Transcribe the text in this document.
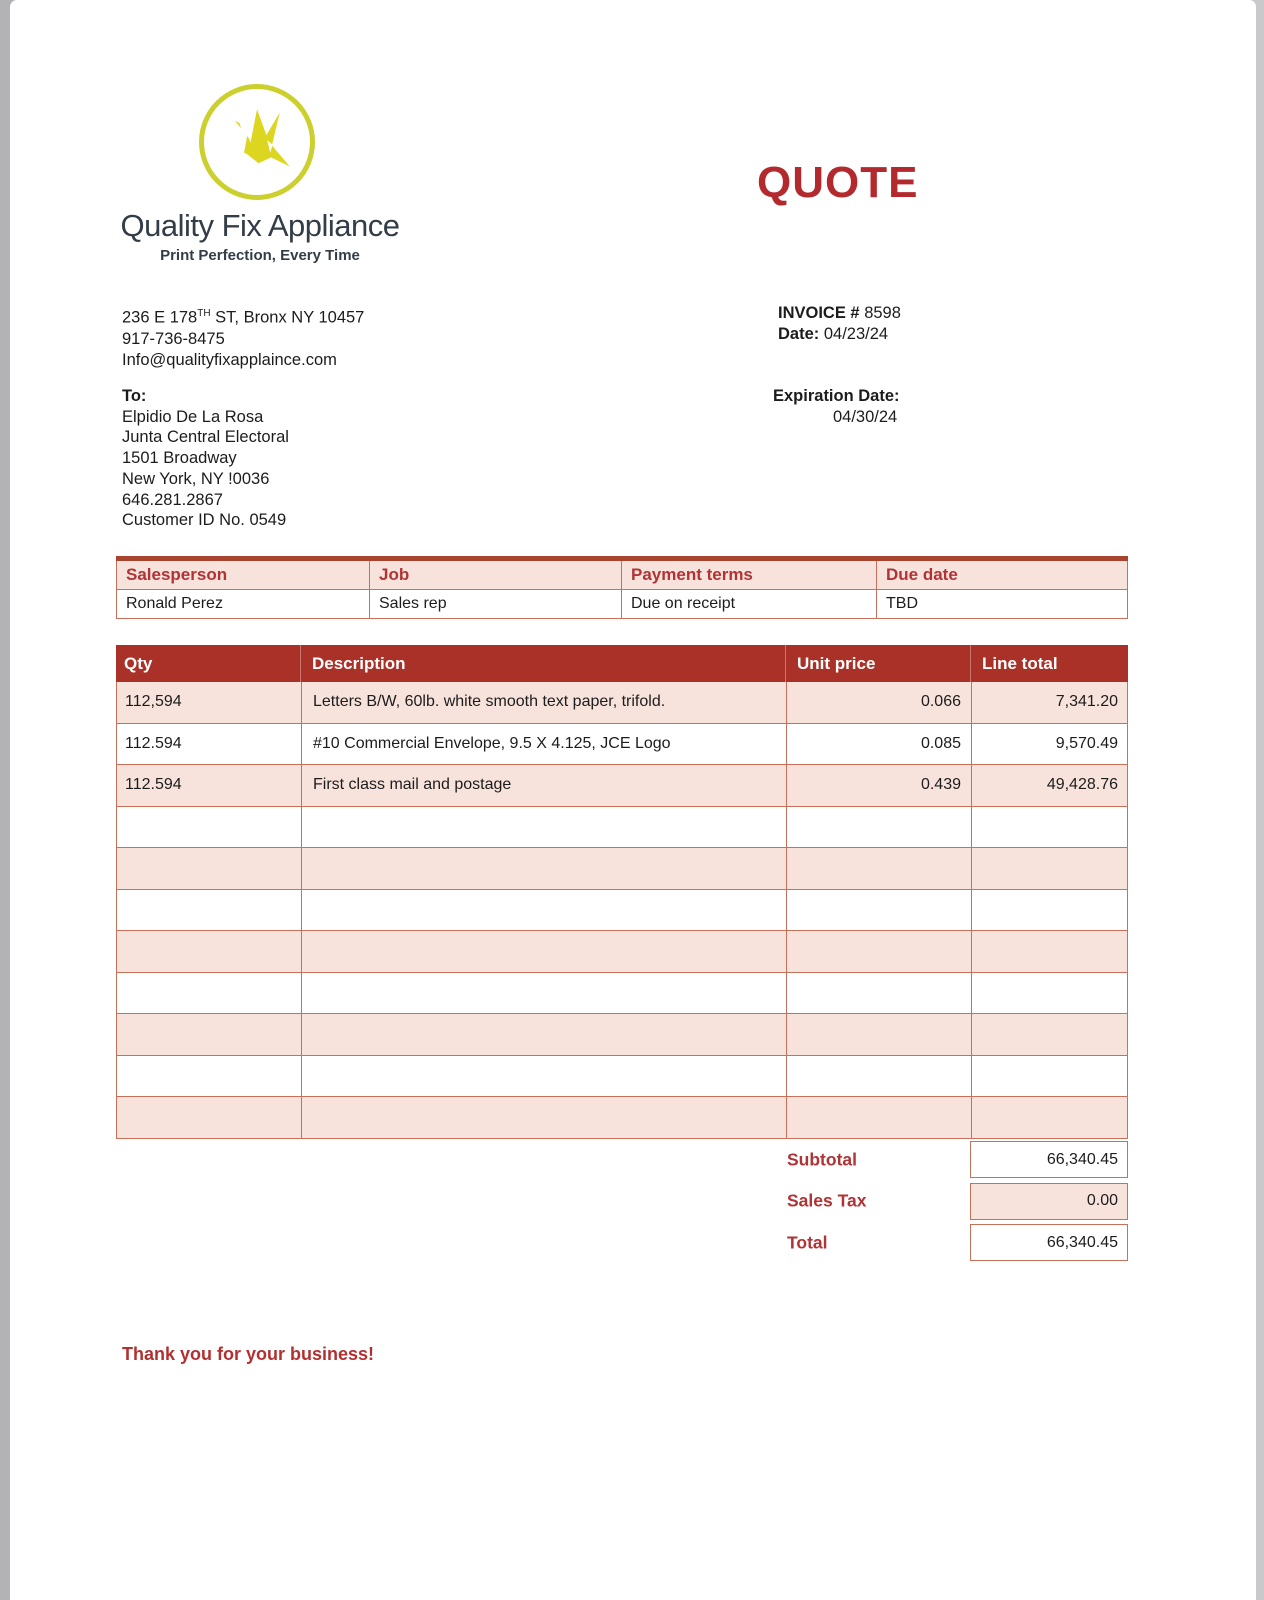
Quality Fix Appliance
Print Perfection, Every Time
QUOTE
236 E 178TH ST, Bronx NY 10457
917-736-8475
Info@qualityfixapplaince.com
INVOICE # 8598
Date: 04/23/24
To:
Elpidio De La Rosa
Junta Central Electoral
1501 Broadway
New York, NY !0036
646.281.2867
Customer ID No. 0549
Expiration Date:
04/30/24
Salesperson	Job	Payment terms	Due date
Ronald Perez	Sales rep	Due on receipt	TBD
Qty	Description	Unit price	Line total
112,594	Letters B/W, 60lb. white smooth text paper, trifold.	0.066	7,341.20
112.594	#10 Commercial Envelope, 9.5 X 4.125, JCE Logo	0.085	9,570.49
112.594	First class mail and postage	0.439	49,428.76
Subtotal	66,340.45
Sales Tax	0.00
Total	66,340.45
Thank you for your business!
